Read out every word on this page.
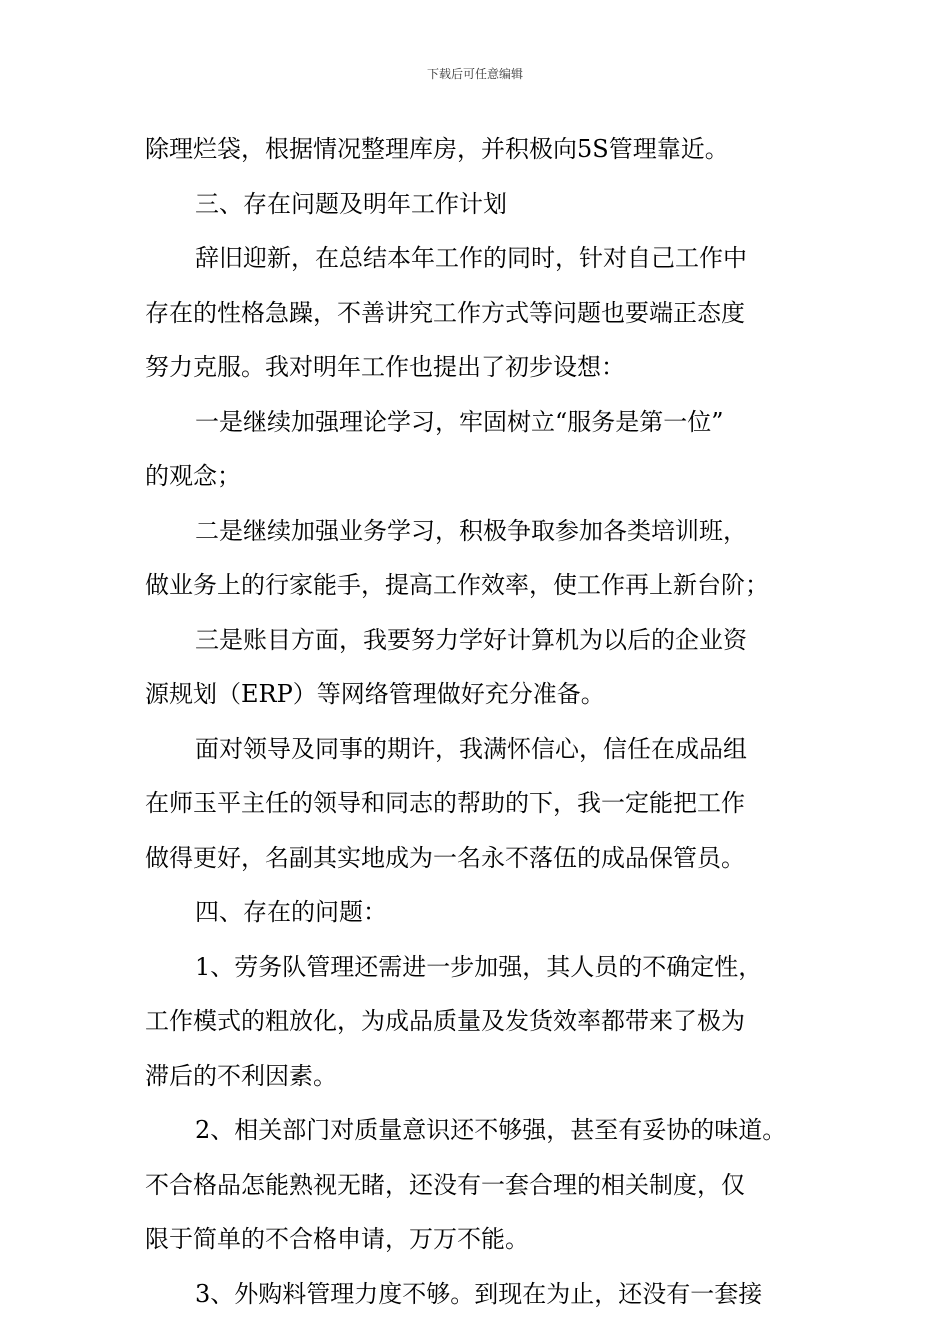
下载后可任意编辑
除理烂袋，根据情况整理库房，并积极向5S管理靠近。
三、存在问题及明年工作计划
辞旧迎新，在总结本年工作的同时，针对自己工作中
存在的性格急躁，不善讲究工作方式等问题也要端正态度
努力克服。我对明年工作也提出了初步设想：
一是继续加强理论学习，牢固树立“服务是第一位”
的观念；
二是继续加强业务学习，积极争取参加各类培训班，
做业务上的行家能手，提高工作效率，使工作再上新台阶；
三是账目方面，我要努力学好计算机为以后的企业资
源规划（ERP）等网络管理做好充分准备。
面对领导及同事的期许，我满怀信心，信任在成品组
在师玉平主任的领导和同志的帮助的下，我一定能把工作
做得更好，名副其实地成为一名永不落伍的成品保管员。
四、存在的问题：
1、劳务队管理还需进一步加强，其人员的不确定性，
工作模式的粗放化，为成品质量及发货效率都带来了极为
滞后的不利因素。
2、相关部门对质量意识还不够强，甚至有妥协的味道。
不合格品怎能熟视无睹，还没有一套合理的相关制度，仅
限于简单的不合格申请，万万不能。
3、外购料管理力度不够。到现在为止，还没有一套接
